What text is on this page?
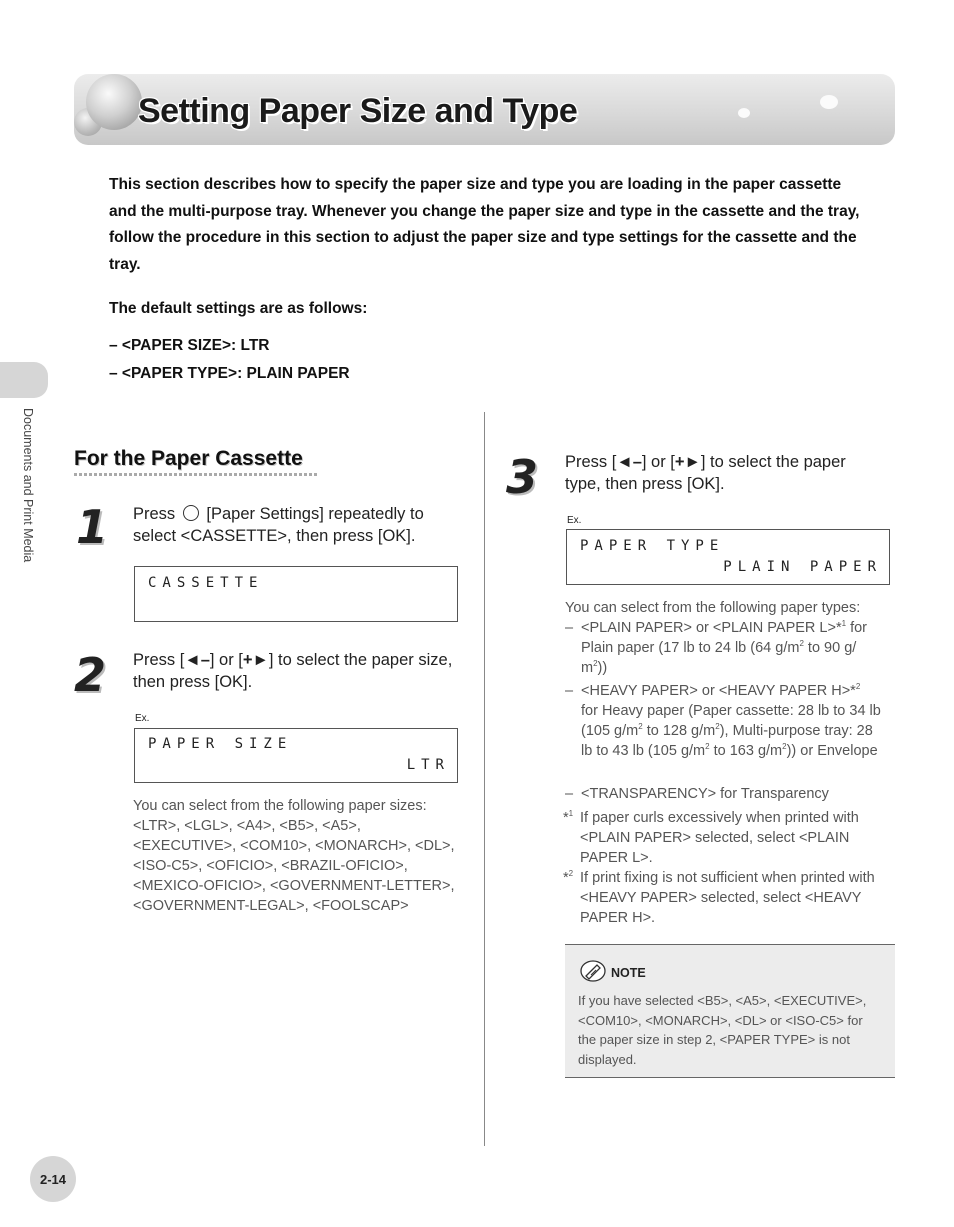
Setting Paper Size and Type
This section describes how to specify the paper size and type you are loading in the paper cassette and the multi-purpose tray. Whenever you change the paper size and type in the cassette and the tray, follow the procedure in this section to adjust the paper size and type settings for the cassette and the tray.
The default settings are as follows:
– <PAPER SIZE>: LTR
– <PAPER TYPE>: PLAIN PAPER
Documents and Print Media For the Paper Cassette
1 Press [Paper Settings] repeatedly to select <CASSETTE>, then press [OK].
CASSETTE
2 Press [◄–] or [+►] to select the paper size, then press [OK].
Ex.
PAPER SIZE
LTR
You can select from the following paper sizes: <LTR>, <LGL>, <A4>, <B5>, <A5>, <EXECUTIVE>, <COM10>, <MONARCH>, <DL>, <ISO-C5>, <OFICIO>, <BRAZIL-OFICIO>, <MEXICO-OFICIO>, <GOVERNMENT-LETTER>, <GOVERNMENT-LEGAL>, <FOOLSCAP>
3 Press [◄–] or [+►] to select the paper type, then press [OK].
Ex.
PAPER TYPE
PLAIN PAPER
You can select from the following paper types:
– <PLAIN PAPER> or <PLAIN PAPER L>*$^1$ for Plain paper (17 lb to 24 lb (64 $g/m^2$ to 90 g/ $m^2$))
– <HEAVY PAPER> or <HEAVY PAPER H>*$^2$ for Heavy paper (Paper cassette: 28 lb to 34 lb (105 $g/m^2$ to 128 $g/m^2$), Multi-purpose tray: 28 lb to 43 lb (105 $g/m^2$ to 163 $g/m^2$)) or Envelope
– <TRANSPARENCY> for Transparency
*$^1$ If paper curls excessively when printed with <PLAIN PAPER> selected, select <PLAIN PAPER L>.
*$^2$ If print fixing is not sufficient when printed with <HEAVY PAPER> selected, select <HEAVY PAPER H>.
NOTE
If you have selected <B5>, <A5>, <EXECUTIVE>, <COM10>, <MONARCH>, <DL> or <ISO-C5> for the paper size in step 2, <PAPER TYPE> is not displayed.
2-14
